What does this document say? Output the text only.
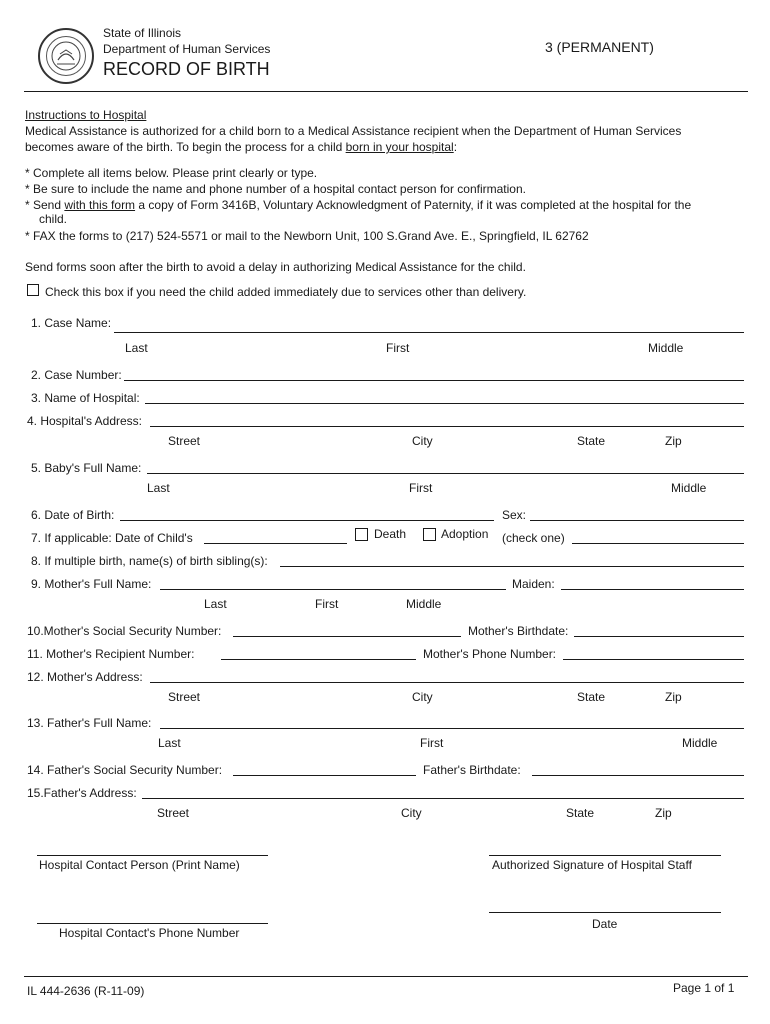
State of Illinois
Department of Human Services
RECORD OF BIRTH
3 (PERMANENT)
Instructions to Hospital
Medical Assistance is authorized for a child born to a Medical Assistance recipient when the Department of Human Services
becomes aware of the birth. To begin the process for a child born in your hospital:
* Complete all items below. Please print clearly or type.
* Be sure to include the name and phone number of a hospital contact person for confirmation.
* Send with this form a copy of Form 3416B, Voluntary Acknowledgment of Paternity, if it was completed at the hospital for the
child.
* FAX the forms to (217) 524-5571 or mail to the Newborn Unit, 100 S.Grand Ave. E., Springfield, IL 62762
Send forms soon after the birth to avoid a delay in authorizing Medical Assistance for the child.
Check this box if you need the child added immediately due to services other than delivery.
1. Case Name:
Last	First	Middle
2. Case Number:
3. Name of Hospital:
4. Hospital's Address:
Street	City	State	Zip
5. Baby's Full Name:
Last	First	Middle
6. Date of Birth:	Sex:
7. If applicable: Date of Child's	Death	Adoption (check one)
8. If multiple birth, name(s) of birth sibling(s):
9. Mother's Full Name:	Maiden:
Last	First	Middle
10.Mother's Social Security Number:	Mother's Birthdate:
11. Mother's Recipient Number:	Mother's Phone Number:
12. Mother's Address:
Street	City	State	Zip
13. Father's Full Name:
Last	First	Middle
14. Father's Social Security Number:	Father's Birthdate:
15.Father's Address:
Street	City	State	Zip
Hospital Contact Person (Print Name)	Authorized Signature of Hospital Staff
Date
Hospital Contact's Phone Number
IL 444-2636 (R-11-09)	Page 1 of 1
